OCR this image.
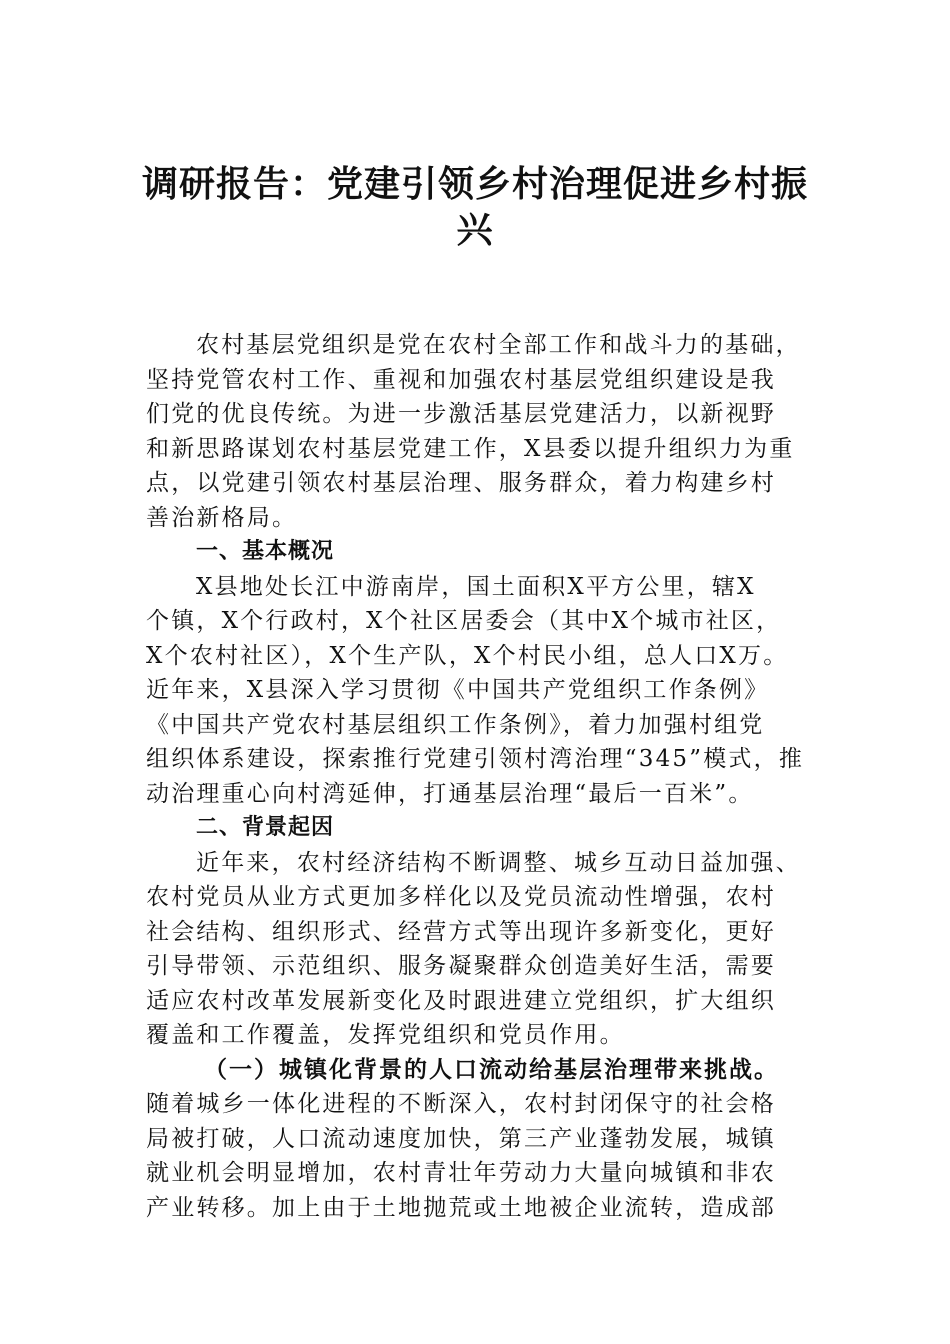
调研报告：党建引领乡村治理促进乡村振
兴
农村基层党组织是党在农村全部工作和战斗力的基础，
坚持党管农村工作、重视和加强农村基层党组织建设是我
们党的优良传统。为进一步激活基层党建活力，以新视野
和新思路谋划农村基层党建工作，X县委以提升组织力为重
点，以党建引领农村基层治理、服务群众，着力构建乡村
善治新格局。
一、基本概况
X县地处长江中游南岸，国土面积X平方公里，辖X
个镇，X个行政村，X个社区居委会（其中X个城市社区，
X个农村社区），X个生产队，X个村民小组，总人口X万。
近年来，X县深入学习贯彻《中国共产党组织工作条例》
《中国共产党农村基层组织工作条例》，着力加强村组党
组织体系建设，探索推行党建引领村湾治理“345”模式，推
动治理重心向村湾延伸，打通基层治理“最后一百米”。
二、背景起因
近年来，农村经济结构不断调整、城乡互动日益加强、
农村党员从业方式更加多样化以及党员流动性增强，农村
社会结构、组织形式、经营方式等出现许多新变化，更好
引导带领、示范组织、服务凝聚群众创造美好生活，需要
适应农村改革发展新变化及时跟进建立党组织，扩大组织
覆盖和工作覆盖，发挥党组织和党员作用。
（一）城镇化背景的人口流动给基层治理带来挑战。
随着城乡一体化进程的不断深入，农村封闭保守的社会格
局被打破，人口流动速度加快，第三产业蓬勃发展，城镇
就业机会明显增加，农村青壮年劳动力大量向城镇和非农
产业转移。加上由于土地抛荒或土地被企业流转，造成部
